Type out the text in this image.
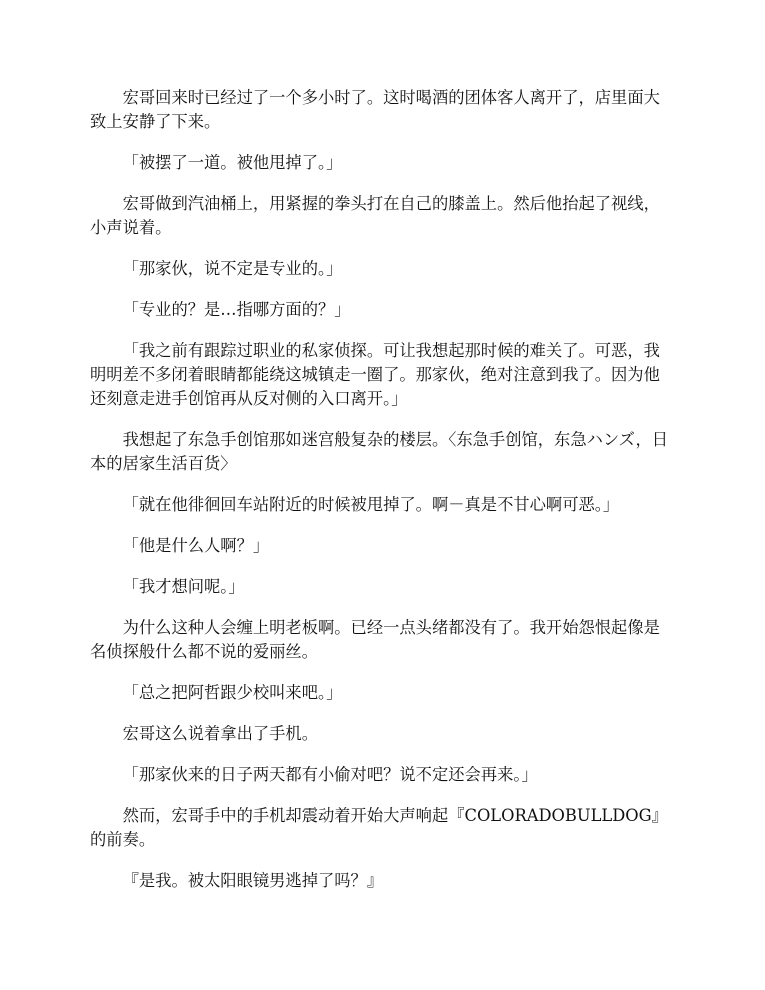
宏哥回来时已经过了一个多小时了。这时喝酒的团体客人离开了，店里面大致上安静了下来。

「被摆了一道。被他甩掉了。」

宏哥做到汽油桶上，用紧握的拳头打在自己的膝盖上。然后他抬起了视线，小声说着。

「那家伙，说不定是专业的。」

「专业的？是…指哪方面的？」

「我之前有跟踪过职业的私家侦探。可让我想起那时候的难关了。可恶，我明明差不多闭着眼睛都能绕这城镇走一圈了。那家伙，绝对注意到我了。因为他还刻意走进手创馆再从反对侧的入口离开。」

我想起了东急手创馆那如迷宫般复杂的楼层。〈东急手创馆，东急ハンズ，日本的居家生活百货〉

「就在他徘徊回车站附近的时候被甩掉了。啊－真是不甘心啊可恶。」

「他是什么人啊？」

「我才想问呢。」

为什么这种人会缠上明老板啊。已经一点头绪都没有了。我开始怨恨起像是名侦探般什么都不说的爱丽丝。

「总之把阿哲跟少校叫来吧。」

宏哥这么说着拿出了手机。

「那家伙来的日子两天都有小偷对吧？说不定还会再来。」

然而，宏哥手中的手机却震动着开始大声响起『COLORADOBULLDOG』的前奏。

『是我。被太阳眼镜男逃掉了吗？』
